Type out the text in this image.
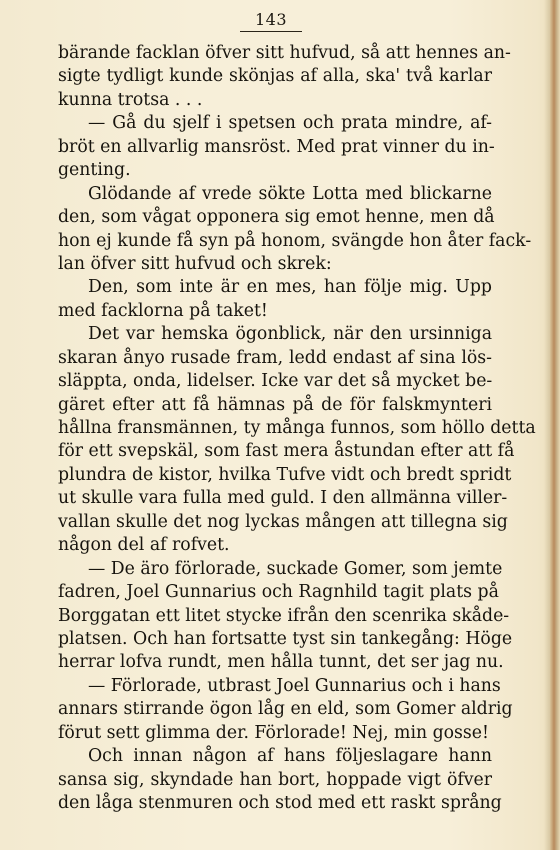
143
bärande facklan öfver sitt hufvud, så att hennes an-
sigte tydligt kunde skönjas af alla, ska' två karlar
kunna trotsa . . .
— Gå du sjelf i spetsen och prata mindre, af-
bröt en allvarlig mansröst. Med prat vinner du in-
genting.
Glödande af vrede sökte Lotta med blickarne
den, som vågat opponera sig emot henne, men då
hon ej kunde få syn på honom, svängde hon åter fack-
lan öfver sitt hufvud och skrek:
Den, som inte är en mes, han följe mig. Upp
med facklorna på taket!
Det var hemska ögonblick, när den ursinniga
skaran ånyo rusade fram, ledd endast af sina lös-
släppta, onda, lidelser. Icke var det så mycket be-
gäret efter att få hämnas på de för falskmynteri
hållna fransmännen, ty många funnos, som höllo detta
för ett svepskäl, som fast mera åstundan efter att få
plundra de kistor, hvilka Tufve vidt och bredt spridt
ut skulle vara fulla med guld. I den allmänna viller-
vallan skulle det nog lyckas mången att tillegna sig
någon del af rofvet.
— De äro förlorade, suckade Gomer, som jemte
fadren, Joel Gunnarius och Ragnhild tagit plats på
Borggatan ett litet stycke ifrån den scenrika skåde-
platsen. Och han fortsatte tyst sin tankegång: Höge
herrar lofva rundt, men hålla tunnt, det ser jag nu.
— Förlorade, utbrast Joel Gunnarius och i hans
annars stirrande ögon låg en eld, som Gomer aldrig
förut sett glimma der. Förlorade! Nej, min gosse!
Och innan någon af hans följeslagare hann
sansa sig, skyndade han bort, hoppade vigt öfver
den låga stenmuren och stod med ett raskt språng
